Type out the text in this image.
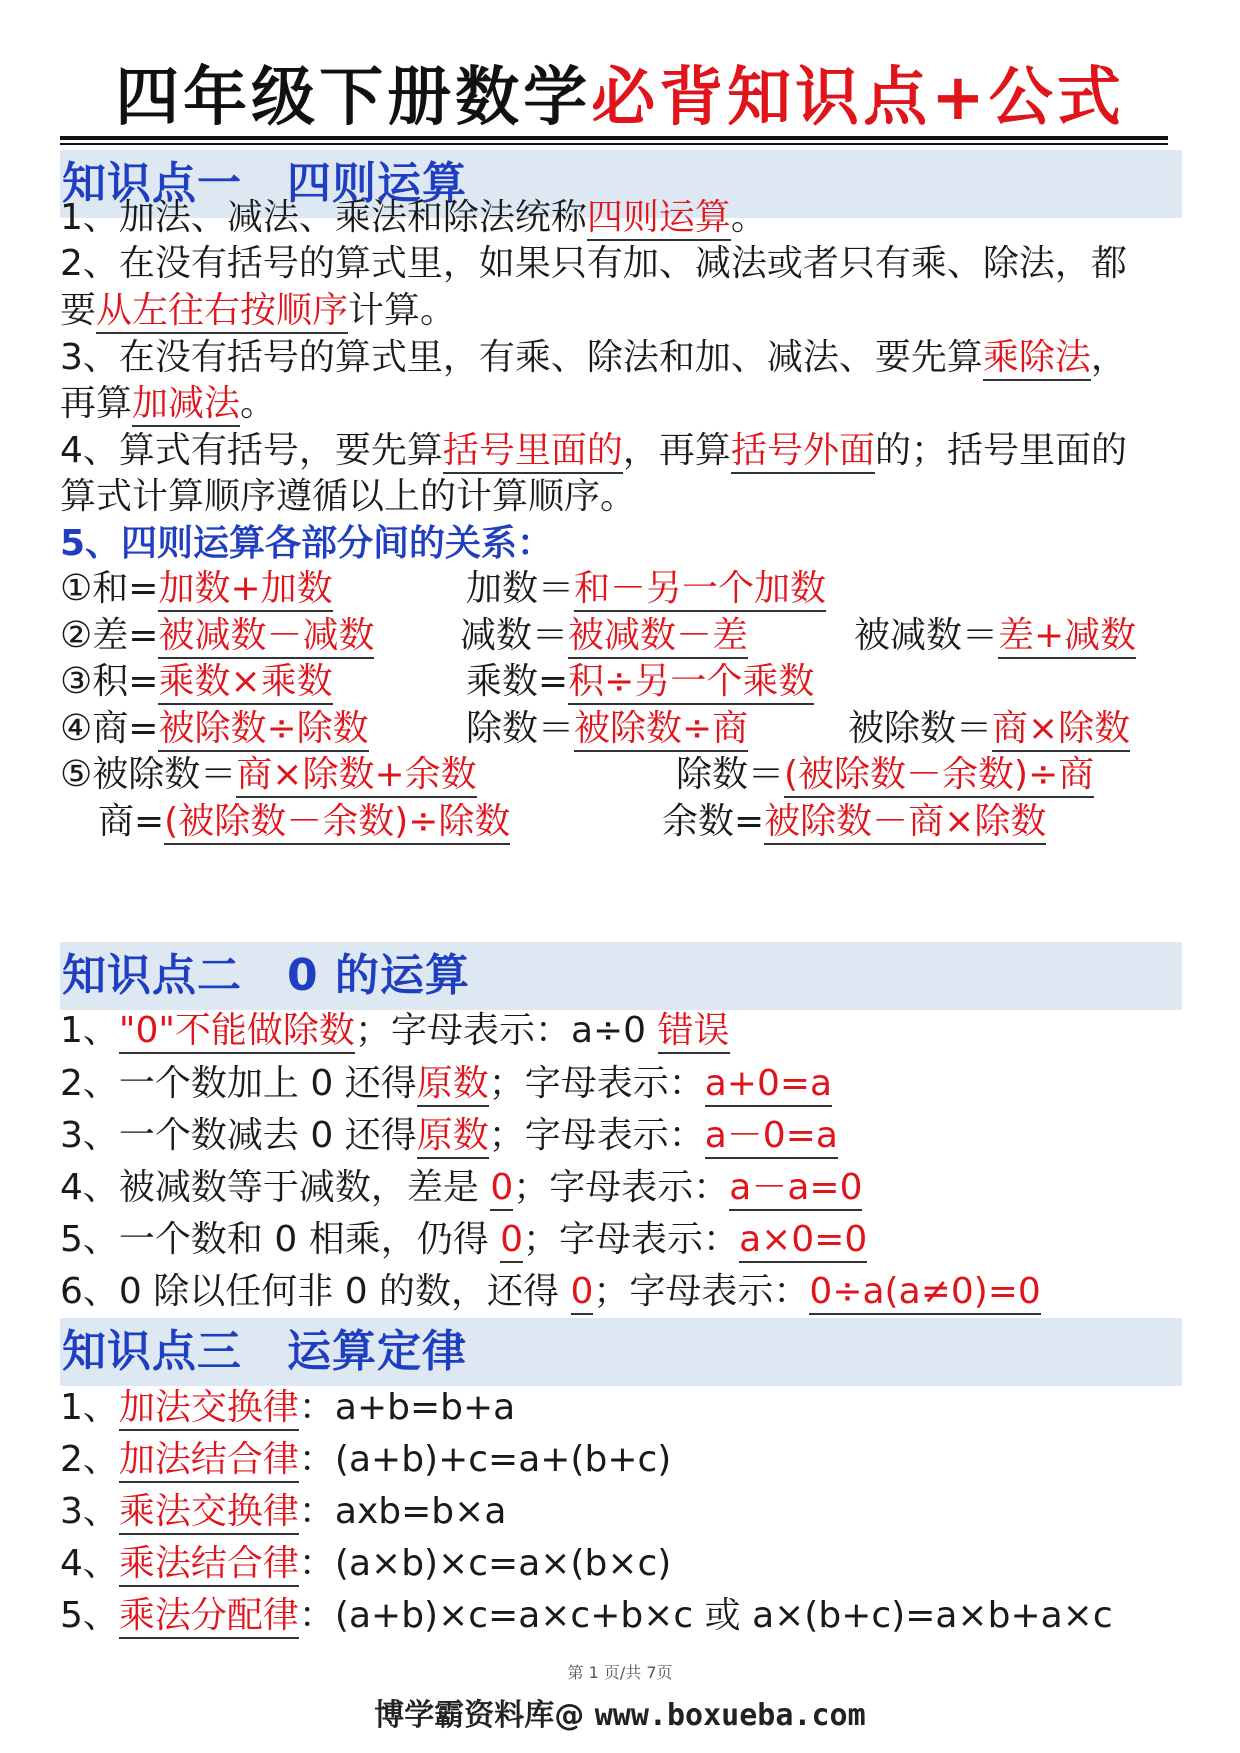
四年级下册数学必背知识点+公式
知识点一　四则运算
1、加法、减法、乘法和除法统称四则运算。
2、在没有括号的算式里，如果只有加、减法或者只有乘、除法，都
要从左往右按顺序计算。
3、在没有括号的算式里，有乘、除法和加、减法、要先算乘除法，
再算加减法。
4、算式有括号，要先算括号里面的，再算括号外面的；括号里面的
算式计算顺序遵循以上的计算顺序。
5、四则运算各部分间的关系：
①和=加数+加数	加数＝和－另一个加数
②差=被减数－减数 减数＝被减数－差	被减数＝差+减数
③积=乘数×乘数	乘数=积÷另一个乘数
④商=被除数÷除数	除数＝被除数÷商	被除数＝商×除数
⑤被除数＝商×除数+余数	除数＝(被除数－余数)÷商
商=(被除数－余数)÷除数	余数=被除数－商×除数
知识点二　0 的运算
1、"0"不能做除数；字母表示：a÷0 错误
2、一个数加上 0 还得原数；字母表示：a+0=a
3、一个数减去 0 还得原数；字母表示：a－0=a
4、被减数等于减数，差是 0；字母表示：a－a=0
5、一个数和 0 相乘，仍得 0；字母表示：a×0=0
6、0 除以任何非 0 的数，还得 0；字母表示：0÷a(a≠0)=0
知识点三　运算定律
1、加法交换律：a+b=b+a
2、加法结合律：(a+b)+c=a+(b+c)
3、乘法交换律：axb=b×a
4、乘法结合律：(a×b)×c=a×(b×c)
5、乘法分配律：(a+b)×c=a×c+b×c 或 a×(b+c)=a×b+a×c
第 1 页/共 7页
博学霸资料库@ www.boxueba.com
